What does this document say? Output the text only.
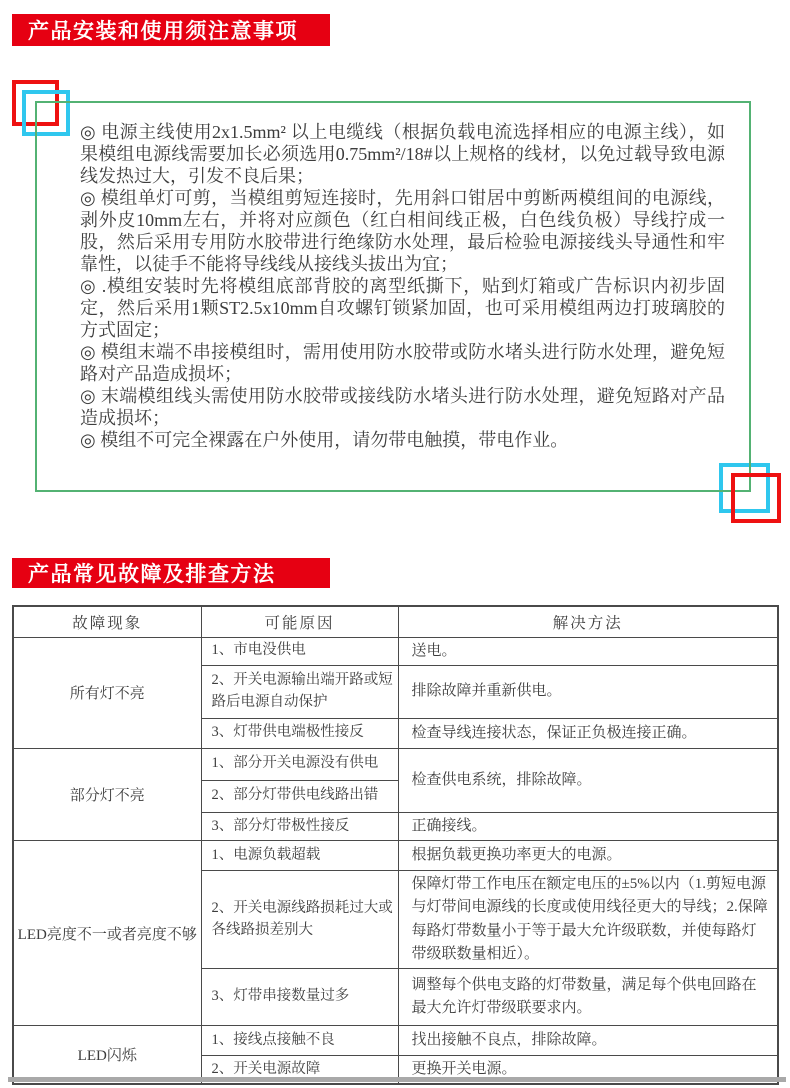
产品安装和使用须注意事项

◎ 电源主线使用2x1.5mm² 以上电缆线（根据负载电流选择相应的电源主线），如果模组电源线需要加长必须选用0.75mm²/18#以上规格的线材，以免过载导致电源线发热过大，引发不良后果；

◎ 模组单灯可剪，当模组剪短连接时，先用斜口钳居中剪断两模组间的电源线，剥外皮10mm左右，并将对应颜色（红白相间线正极，白色线负极）导线拧成一股，然后采用专用防水胶带进行绝缘防水处理，最后检验电源接线头导通性和牢靠性，以徒手不能将导线线从接线头拔出为宜；

◎ .模组安装时先将模组底部背胶的离型纸撕下，贴到灯箱或广告标识内初步固定，然后采用1颗ST2.5x10mm自攻螺钉锁紧加固，也可采用模组两边打玻璃胶的方式固定；

◎ 模组末端不串接模组时，需用使用防水胶带或防水堵头进行防水处理，避免短路对产品造成损坏；

◎ 末端模组线头需使用防水胶带或接线防水堵头进行防水处理，避免短路对产品造成损坏；

◎ 模组不可完全裸露在户外使用，请勿带电触摸，带电作业。

产品常见故障及排查方法
故障现象	可能原因	解决方法
所有灯不亮	1、市电没供电	送电。
	2、开关电源输出端开路或短路后电源自动保护	排除故障并重新供电。
	3、灯带供电端极性接反	检查导线连接状态，保证正负极连接正确。
部分灯不亮	1、部分开关电源没有供电	检查供电系统，排除故障。
	2、部分灯带供电线路出错	
	3、部分灯带极性接反	正确接线。
LED亮度不一或者亮度不够	1、电源负载超载	根据负载更换功率更大的电源。
	2、开关电源线路损耗过大或各线路损差别大	保障灯带工作电压在额定电压的±5%以内（1.剪短电源与灯带间电源线的长度或使用线径更大的导线；2.保障每路灯带数量小于等于最大允许级联数，并使每路灯带级联数量相近）。
	3、灯带串接数量过多	调整每个供电支路的灯带数量，满足每个供电回路在最大允许灯带级联要求内。
LED闪烁	1、接线点接触不良	找出接触不良点，排除故障。
	2、开关电源故障	更换开关电源。
